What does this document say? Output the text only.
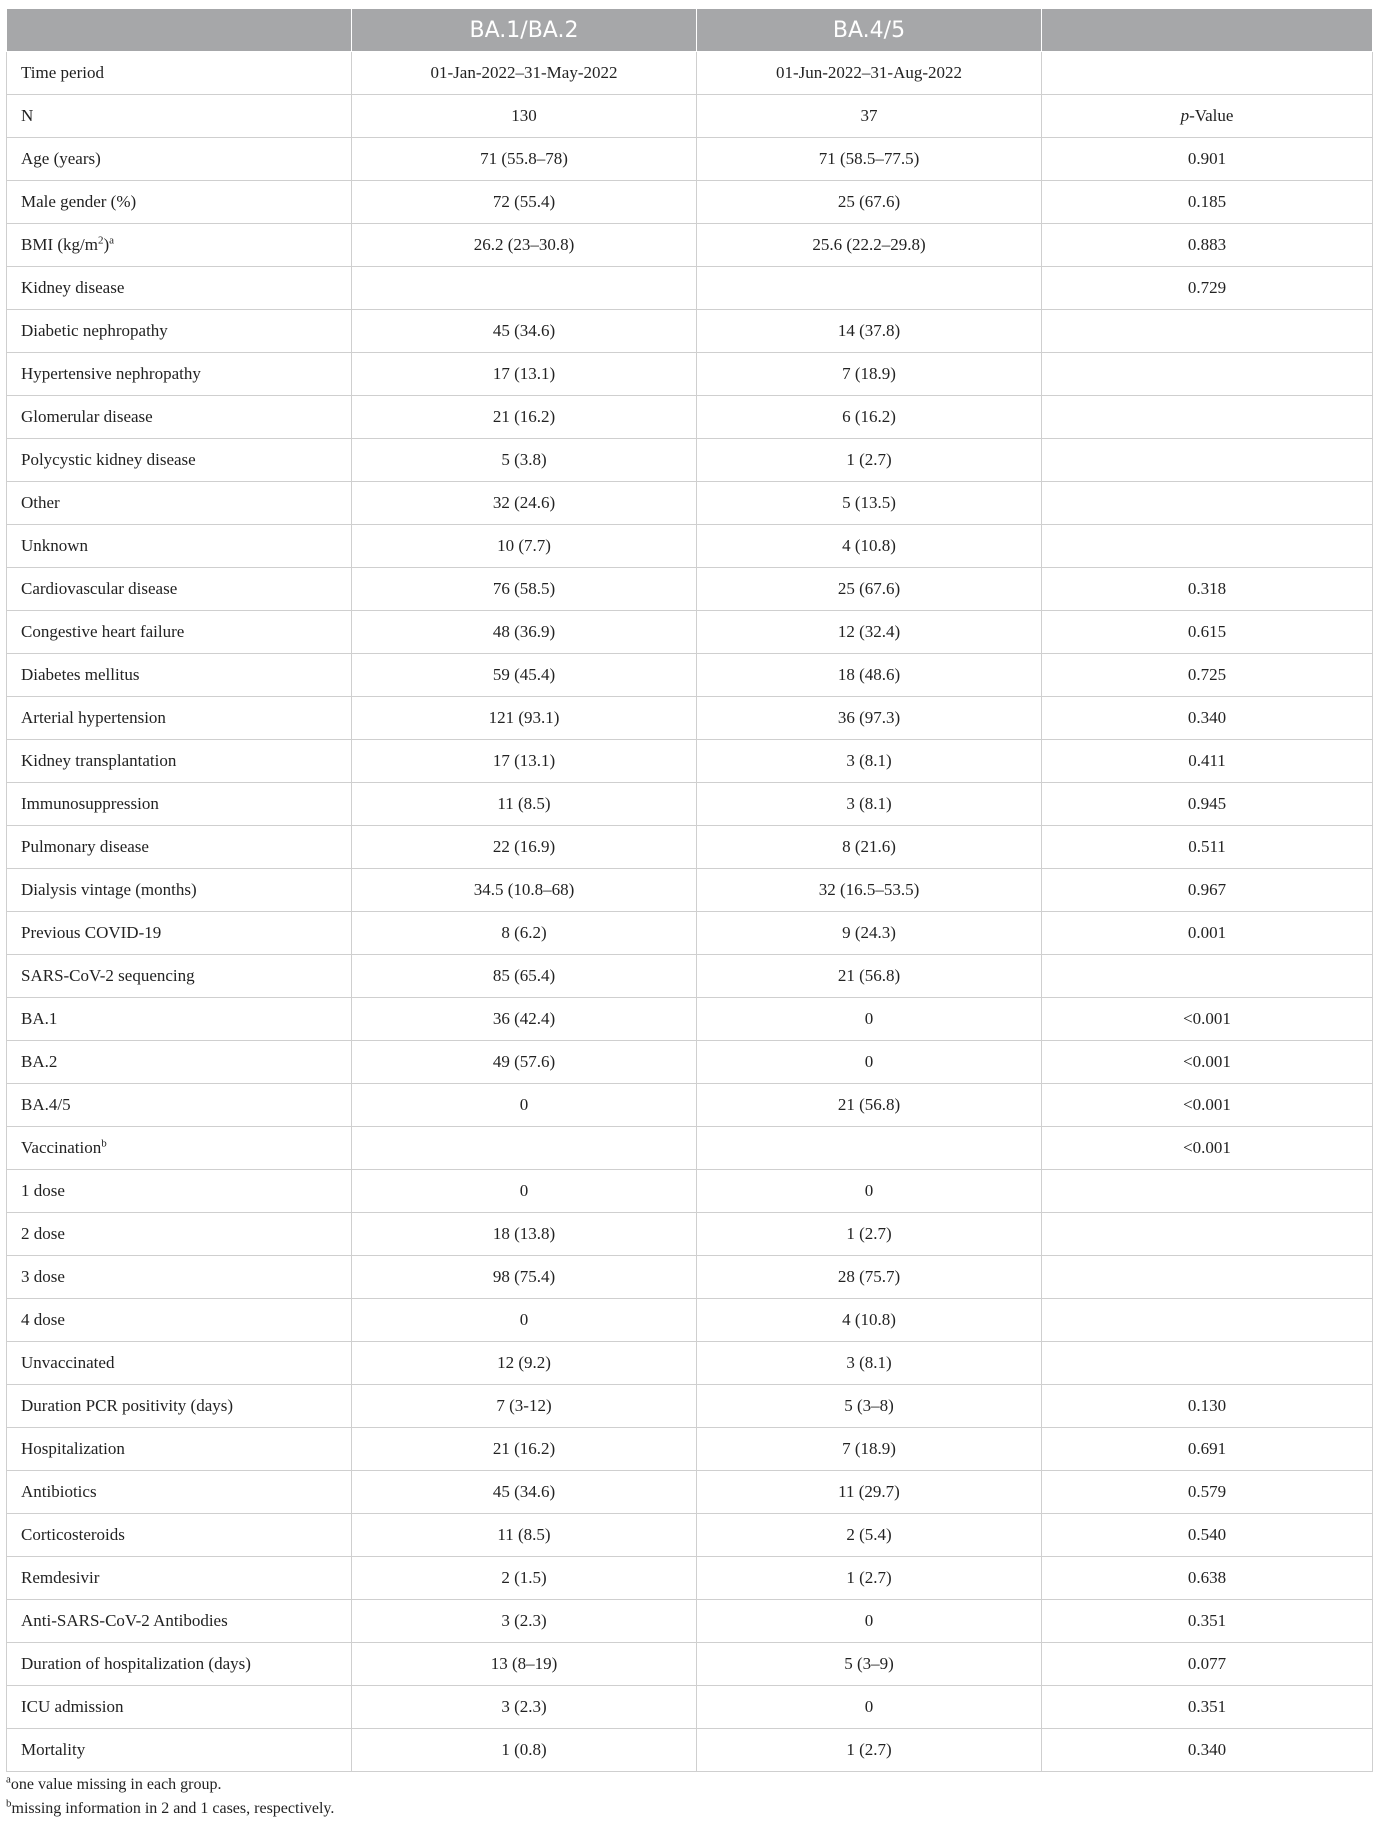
	BA.1/BA.2	BA.4/5	
Time period	01-Jan-2022–31-May-2022	01-Jun-2022–31-Aug-2022	
N	130	37	p-Value
Age (years)	71 (55.8–78)	71 (58.5–77.5)	0.901
Male gender (%)	72 (55.4)	25 (67.6)	0.185
BMI $(kg/m^2)^a$	26.2 (23–30.8)	25.6 (22.2–29.8)	0.883
Kidney disease			0.729
Diabetic nephropathy	45 (34.6)	14 (37.8)	
Hypertensive nephropathy	17 (13.1)	7 (18.9)	
Glomerular disease	21 (16.2)	6 (16.2)	
Polycystic kidney disease	5 (3.8)	1 (2.7)	
Other	32 (24.6)	5 (13.5)	
Unknown	10 (7.7)	4 (10.8)	
Cardiovascular disease	76 (58.5)	25 (67.6)	0.318
Congestive heart failure	48 (36.9)	12 (32.4)	0.615
Diabetes mellitus	59 (45.4)	18 (48.6)	0.725
Arterial hypertension	121 (93.1)	36 (97.3)	0.340
Kidney transplantation	17 (13.1)	3 (8.1)	0.411
Immunosuppression	11 (8.5)	3 (8.1)	0.945
Pulmonary disease	22 (16.9)	8 (21.6)	0.511
Dialysis vintage (months)	34.5 (10.8–68)	32 (16.5–53.5)	0.967
Previous COVID-19	8 (6.2)	9 (24.3)	0.001
SARS-CoV-2 sequencing	85 (65.4)	21 (56.8)	
BA.1	36 (42.4)	0	<0.001
BA.2	49 (57.6)	0	<0.001
BA.4/5	0	21 (56.8)	<0.001
Vaccination$^b$			<0.001
1 dose	0	0	
2 dose	18 (13.8)	1 (2.7)	
3 dose	98 (75.4)	28 (75.7)	
4 dose	0	4 (10.8)	
Unvaccinated	12 (9.2)	3 (8.1)	
Duration PCR positivity (days)	7 (3-12)	5 (3–8)	0.130
Hospitalization	21 (16.2)	7 (18.9)	0.691
Antibiotics	45 (34.6)	11 (29.7)	0.579
Corticosteroids	11 (8.5)	2 (5.4)	0.540
Remdesivir	2 (1.5)	1 (2.7)	0.638
Anti-SARS-CoV-2 Antibodies	3 (2.3)	0	0.351
Duration of hospitalization (days)	13 (8–19)	5 (3–9)	0.077
ICU admission	3 (2.3)	0	0.351
Mortality	1 (0.8)	1 (2.7)	0.340
$^a$one value missing in each group.
$^b$missing information in 2 and 1 cases, respectively.
